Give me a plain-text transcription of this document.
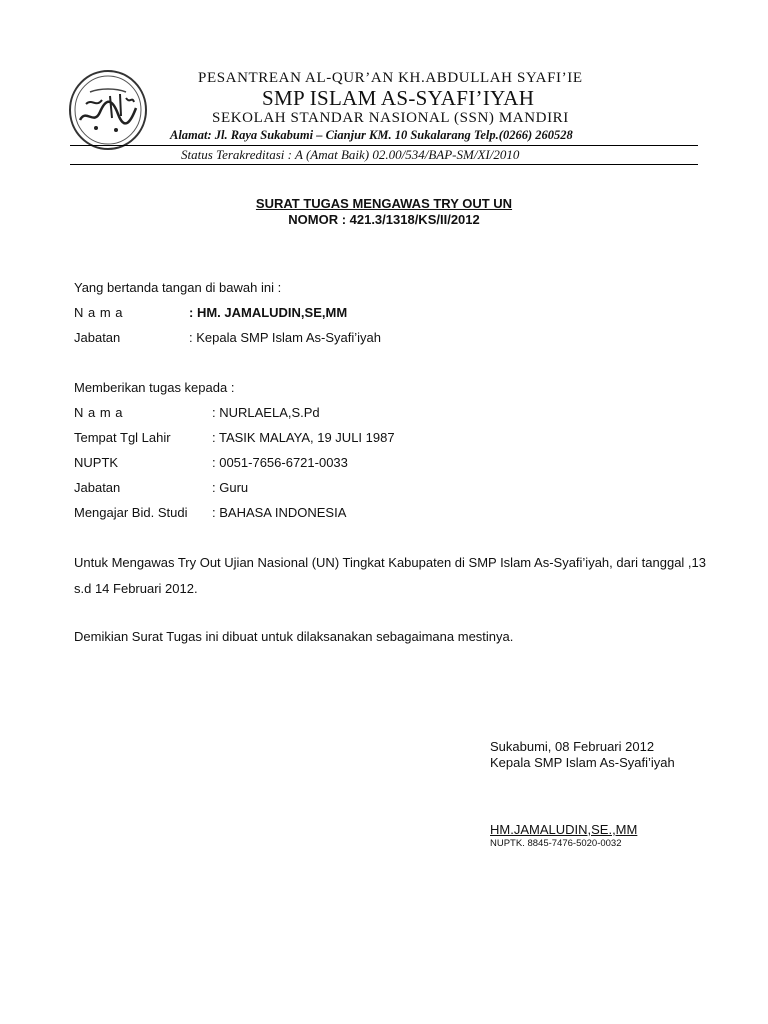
PESANTREAN AL-QUR’AN KH.ABDULLAH SYAFI’IE
SMP ISLAM AS-SYAFI’IYAH
SEKOLAH STANDAR NASIONAL (SSN) MANDIRI
Alamat: Jl. Raya Sukabumi – Cianjur KM. 10 Sukalarang Telp.(0266) 260528
Status Terakreditasi : A (Amat Baik) 02.00/534/BAP-SM/XI/2010
SURAT TUGAS MENGAWAS TRY OUT UN
NOMOR : 421.3/1318/KS/II/2012
Yang bertanda tangan di bawah ini :
N a m a	: HM. JAMALUDIN,SE,MM
Jabatan	: Kepala SMP Islam As-Syafi’iyah
Memberikan tugas kepada :
N a m a	: NURLAELA,S.Pd
Tempat Tgl Lahir	: TASIK MALAYA, 19 JULI 1987
NUPTK	: 0051-7656-6721-0033
Jabatan	: Guru
Mengajar Bid. Studi : BAHASA INDONESIA
Untuk Mengawas Try Out Ujian Nasional (UN) Tingkat Kabupaten di SMP Islam As-Syafi’iyah, dari tanggal ,13
s.d 14 Februari 2012.
Demikian Surat Tugas ini dibuat untuk dilaksanakan sebagaimana mestinya.
Sukabumi, 08 Februari 2012
Kepala SMP Islam As-Syafi’iyah
HM.JAMALUDIN,SE.,MM
NUPTK. 8845-7476-5020-0032
